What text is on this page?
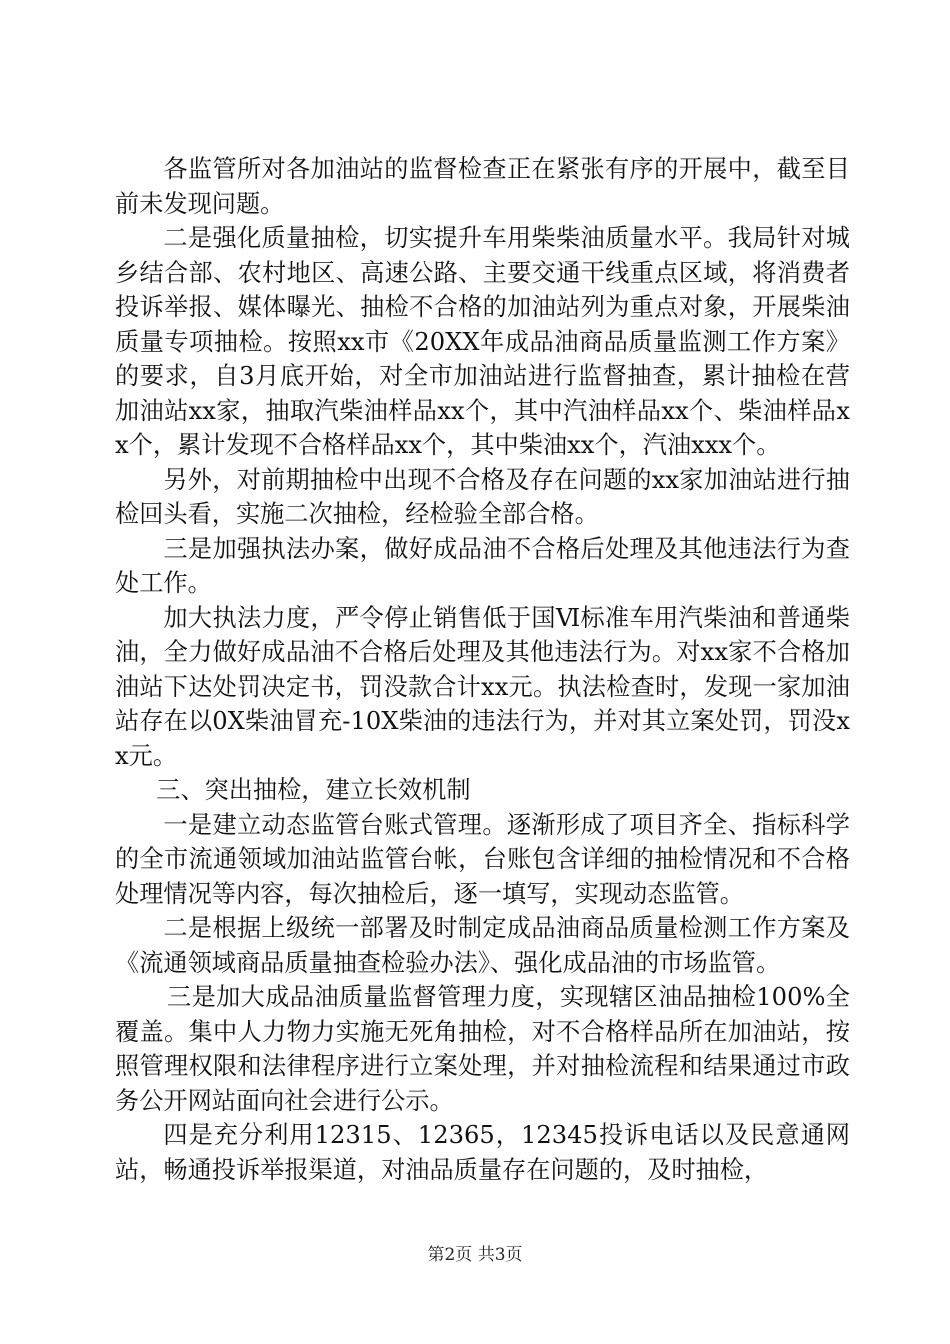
各监管所对各加油站的监督检查正在紧张有序的开展中，截至目前未发现问题。

二是强化质量抽检，切实提升车用柴柴油质量水平。我局针对城乡结合部、农村地区、高速公路、主要交通干线重点区域，将消费者投诉举报、媒体曝光、抽检不合格的加油站列为重点对象，开展柴油质量专项抽检。按照xx市《20XX年成品油商品质量监测工作方案》的要求，自3月底开始，对全市加油站进行监督抽查，累计抽检在营加油站xx家，抽取汽柴油样品xx个，其中汽油样品xx个、柴油样品xx个，累计发现不合格样品xx个，其中柴油xx个，汽油xxx个。

另外，对前期抽检中出现不合格及存在问题的xx家加油站进行抽检回头看，实施二次抽检，经检验全部合格。

三是加强执法办案，做好成品油不合格后处理及其他违法行为查处工作。

加大执法力度，严令停止销售低于国Ⅵ标准车用汽柴油和普通柴油，全力做好成品油不合格后处理及其他违法行为。对xx家不合格加油站下达处罚决定书，罚没款合计xx元。执法检查时，发现一家加油站存在以0X柴油冒充-10X柴油的违法行为，并对其立案处罚，罚没xx元。

三、突出抽检，建立长效机制

一是建立动态监管台账式管理。逐渐形成了项目齐全、指标科学的全市流通领域加油站监管台帐，台账包含详细的抽检情况和不合格处理情况等内容，每次抽检后，逐一填写，实现动态监管。

二是根据上级统一部署及时制定成品油商品质量检测工作方案及《流通领域商品质量抽查检验办法》、强化成品油的市场监管。

三是加大成品油质量监督管理力度，实现辖区油品抽检100%全覆盖。集中人力物力实施无死角抽检，对不合格样品所在加油站，按照管理权限和法律程序进行立案处理，并对抽检流程和结果通过市政务公开网站面向社会进行公示。

四是充分利用12315、12365，12345投诉电话以及民意通网站，畅通投诉举报渠道，对油品质量存在问题的，及时抽检，

第2页 共3页
